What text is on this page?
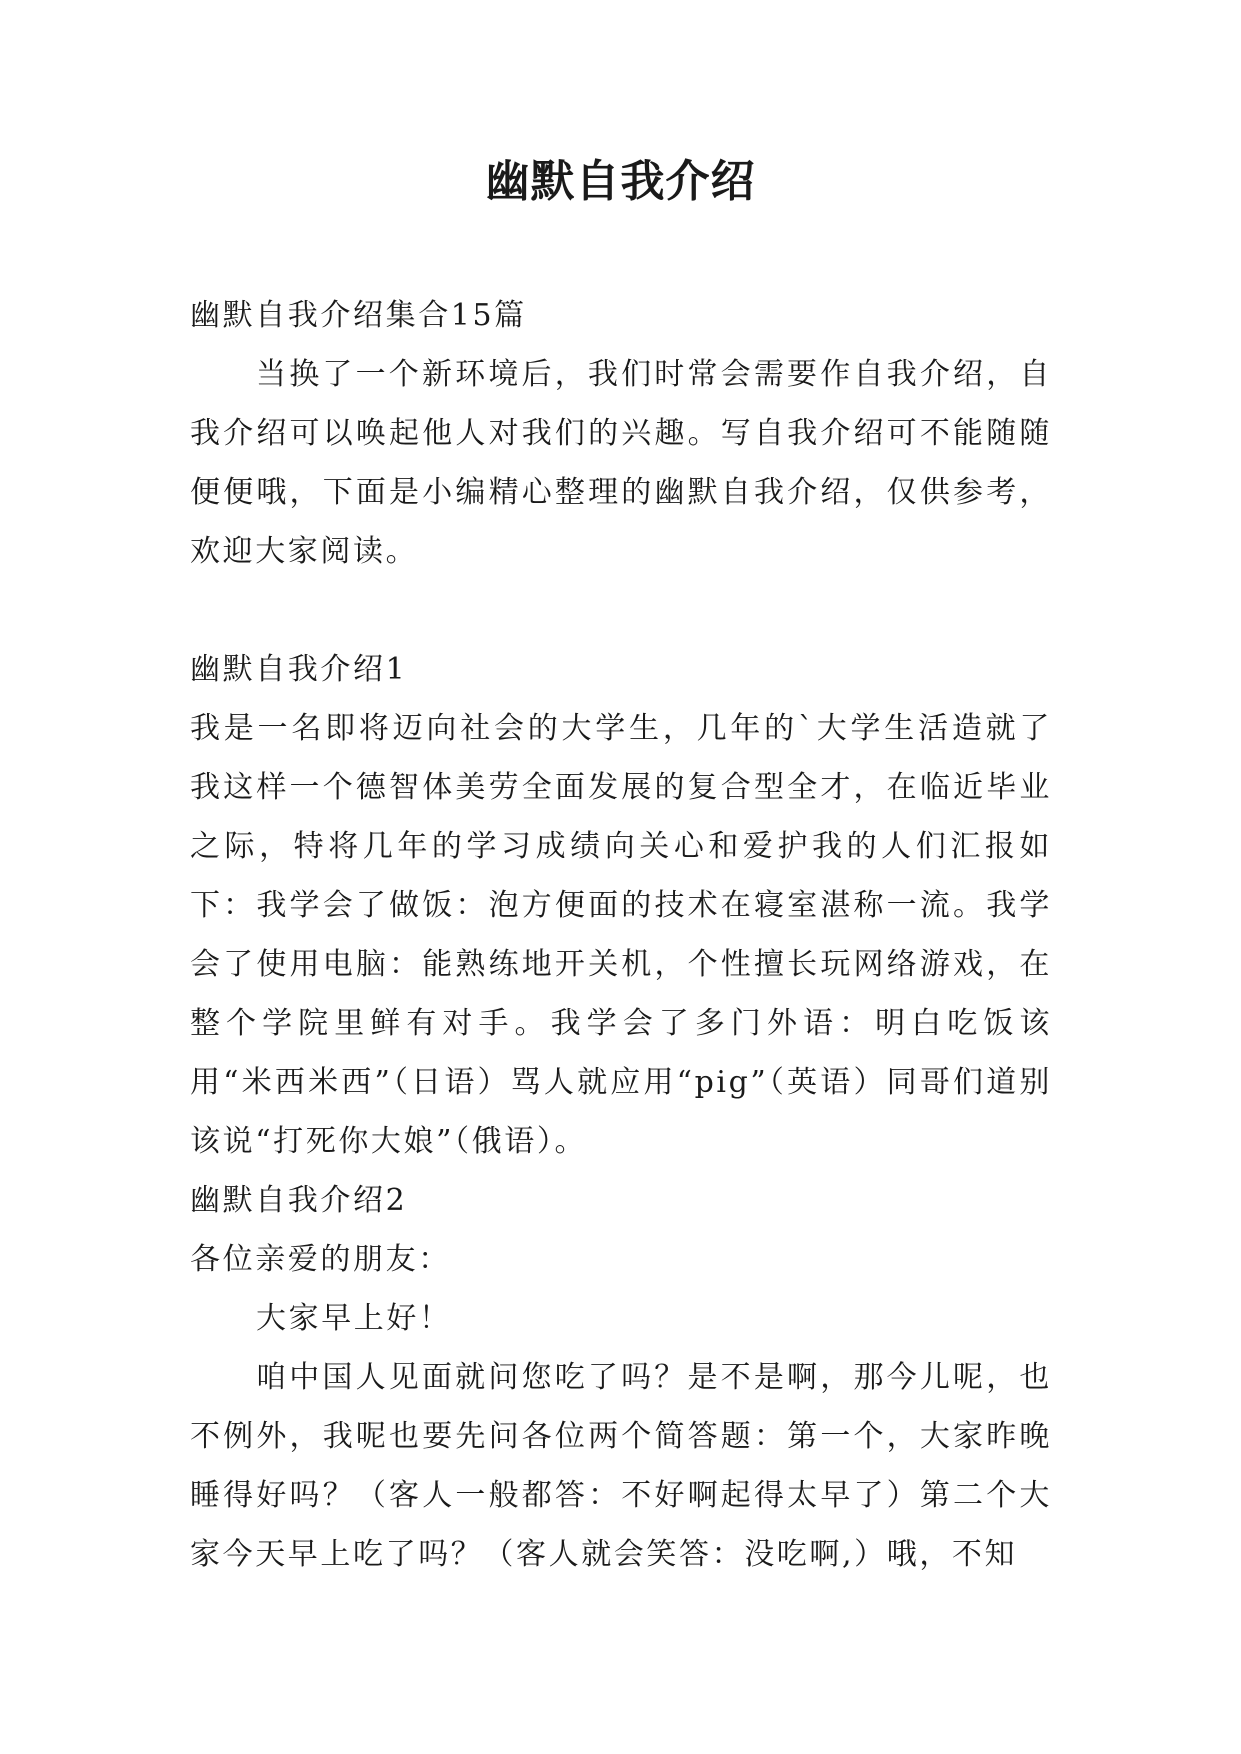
幽默自我介绍

幽默自我介绍集合15篇

当换了一个新环境后，我们时常会需要作自我介绍，自我介绍可以唤起他人对我们的兴趣。写自我介绍可不能随随便便哦，下面是小编精心整理的幽默自我介绍，仅供参考，欢迎大家阅读。

幽默自我介绍1

我是一名即将迈向社会的大学生，几年的`大学生活造就了我这样一个德智体美劳全面发展的复合型全才，在临近毕业之际，特将几年的学习成绩向关心和爱护我的人们汇报如下：我学会了做饭：泡方便面的技术在寝室湛称一流。我学会了使用电脑：能熟练地开关机，个性擅长玩网络游戏，在整个学院里鲜有对手。我学会了多门外语：明白吃饭该用“米西米西”（日语）骂人就应用“pig”（英语）同哥们道别该说“打死你大娘”（俄语）。

幽默自我介绍2

各位亲爱的朋友：

大家早上好！

咱中国人见面就问您吃了吗？是不是啊，那今儿呢，也不例外，我呢也要先问各位两个简答题：第一个，大家昨晚睡得好吗？（客人一般都答：不好啊起得太早了）第二个大家今天早上吃了吗？（客人就会笑答：没吃啊,）哦，不知
